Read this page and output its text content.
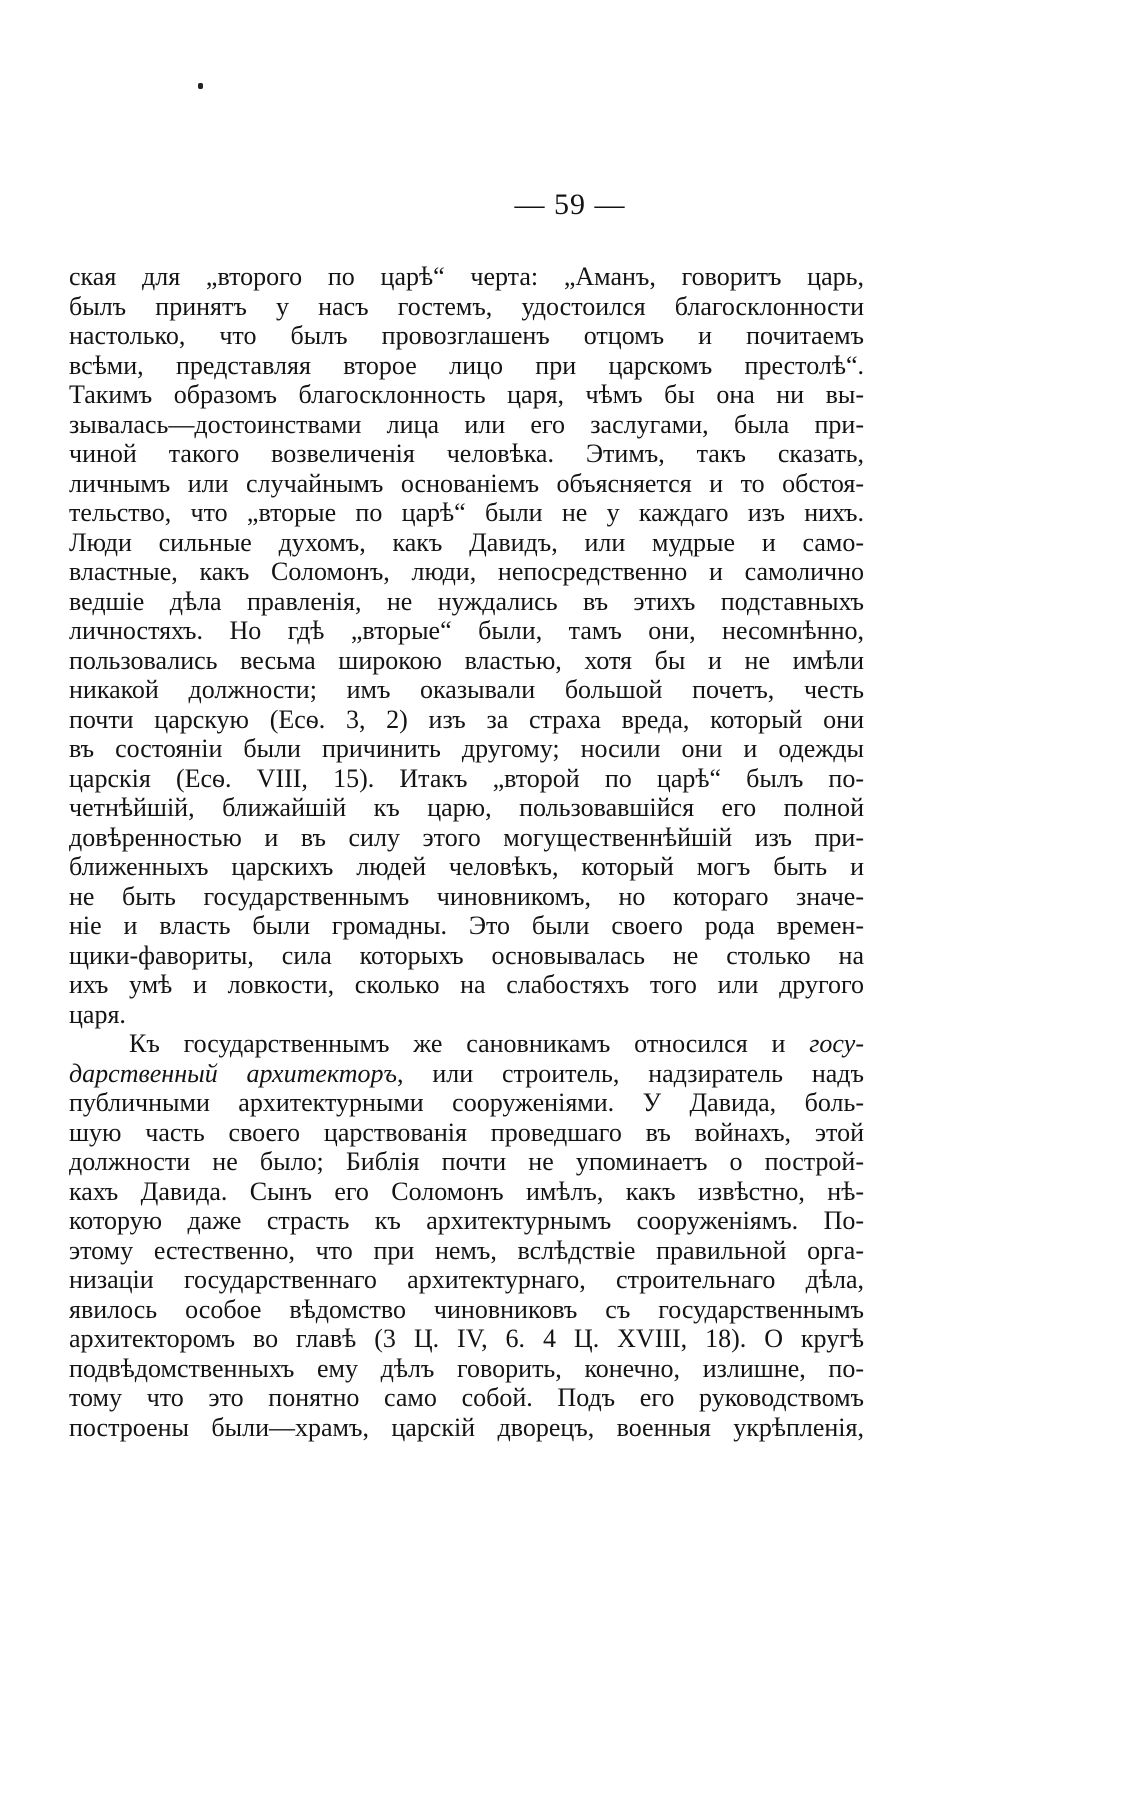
— 59 —
ская для „второго по царѣ“ черта: „Аманъ, говоритъ царь,
былъ принятъ у насъ гостемъ, удостоился благосклонности
настолько, что былъ провозглашенъ отцомъ и почитаемъ
всѣми, представляя второе лицо при царскомъ престолѣ“.
Такимъ образомъ благосклонность царя, чѣмъ бы она ни вы-
зывалась—достоинствами лица или его заслугами, была при-
чиной такого возвеличенія человѣка. Этимъ, такъ сказать,
личнымъ или случайнымъ основаніемъ объясняется и то обстоя-
тельство, что „вторые по царѣ“ были не у каждаго изъ нихъ.
Люди сильные духомъ, какъ Давидъ, или мудрые и само-
властные, какъ Соломонъ, люди, непосредственно и самолично
ведшіе дѣла правленія, не нуждались въ этихъ подставныхъ
личностяхъ. Но гдѣ „вторые“ были, тамъ они, несомнѣнно,
пользовались весьма широкою властью, хотя бы и не имѣли
никакой должности; имъ оказывали большой почетъ, честь
почти царскую (Есѳ. 3, 2) изъ за страха вреда, который они
въ состояніи были причинить другому; носили они и одежды
царскія (Есѳ. VIII, 15). Итакъ „второй по царѣ“ былъ по-
четнѣйшій, ближайшій къ царю, пользовавшійся его полной
довѣренностью и въ силу этого могущественнѣйшій изъ при-
ближенныхъ царскихъ людей человѣкъ, который могъ быть и
не быть государственнымъ чиновникомъ, но котораго значе-
ніе и власть были громадны. Это были своего рода времен-
щики-фавориты, сила которыхъ основывалась не столько на
ихъ умѣ и ловкости, сколько на слабостяхъ того или другого
царя.
Къ государственнымъ же сановникамъ относился и госу-
дарственный архитекторъ, или строитель, надзиратель надъ
публичными архитектурными сооруженіями. У Давида, боль-
шую часть своего царствованія проведшаго въ войнахъ, этой
должности не было; Библія почти не упоминаетъ о построй-
кахъ Давида. Сынъ его Соломонъ имѣлъ, какъ извѣстно, нѣ-
которую даже страсть къ архитектурнымъ сооруженіямъ. По-
этому естественно, что при немъ, вслѣдствіе правильной орга-
низаціи государственнаго архитектурнаго, строительнаго дѣла,
явилось особое вѣдомство чиновниковъ съ государственнымъ
архитекторомъ во главѣ (3 Ц. IV, 6. 4 Ц. XVIII, 18). О кругѣ
подвѣдомственныхъ ему дѣлъ говорить, конечно, излишне, по-
тому что это понятно само собой. Подъ его руководствомъ
построены были—храмъ, царскій дворецъ, военныя укрѣпленія,
